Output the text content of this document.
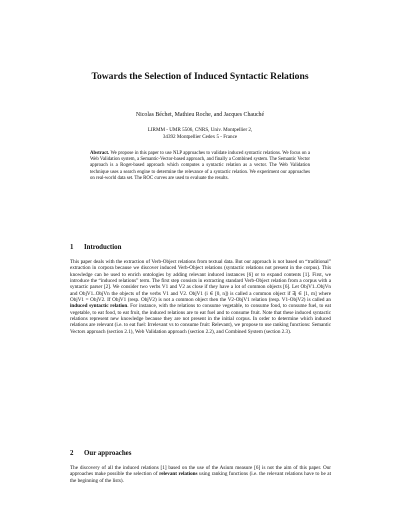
Towards the Selection of Induced Syntactic Relations
Nicolas Béchet, Mathieu Roche, and Jacques Chauché
LIRMM - UMR 5506, CNRS, Univ. Montpellier 2,
34392 Montpellier Cedex 5 - France

Abstract. We propose in this paper to use NLP approaches to validate induced syntactic relations. We focus on a Web Validation system, a Semantic-Vector-based approach, and finally a Combined system. The Semantic Vector approach is a Roget-based approach which computes a syntactic relation as a vector. The Web Validation technique uses a search engine to determine the relevance of a syntactic relation. We experiment our approaches on real-world data set. The ROC curves are used to evaluate the results.

1 Introduction

This paper deals with the extraction of Verb-Object relations from textual data. But our approach is not based on “traditional” extraction in corpora because we discover induced Verb-Object relations (syntactic relations not present in the corpus). This knowledge can be used to enrich ontologies by adding relevant induced instances [6] or to expand contents [1]. First, we introduce the “induced relations” term. The first step consists in extracting standard Verb-Object relation from a corpus with a syntactic parser [2]. We consider two verbs V1 and V2 as close if they have a lot of common objects [6]. Let ObjV1..ObjVn and ObjV1..ObjVn the objects of the verbs V1 and V2. ObjV1 (i ∈ [0, n]) is called a common object if ∃j ∈ [1, m] where ObjV1 = ObjV2. If ObjV1 (resp. ObjV2) is not a common object then the V2-ObjV1 relation (resp. V1-ObjV2) is called an induced syntactic relation. For instance, with the relations to consume vegetable, to consume food, to consume fuel, to eat vegetable, to eat food, to eat fruit, the induced relations are to eat fuel and to consume fruit. Note that these induced syntactic relations represent new knowledge because they are not present in the initial corpus. In order to determine which induced relations are relevant (i.e. to eat fuel: Irrelevant vs to consume fruit: Relevant), we propose to use ranking functions: Semantic Vectors approach (section 2.1), Web Validation approach (section 2.2), and Combined System (section 2.3).

2 Our approaches

The discovery of all the induced relations [1] based on the use of the Asium measure [6] is not the aim of this paper. Our approaches make possible the selection of relevant relations using ranking functions (i.e. the relevant relations have to be at the beginning of the lists).
